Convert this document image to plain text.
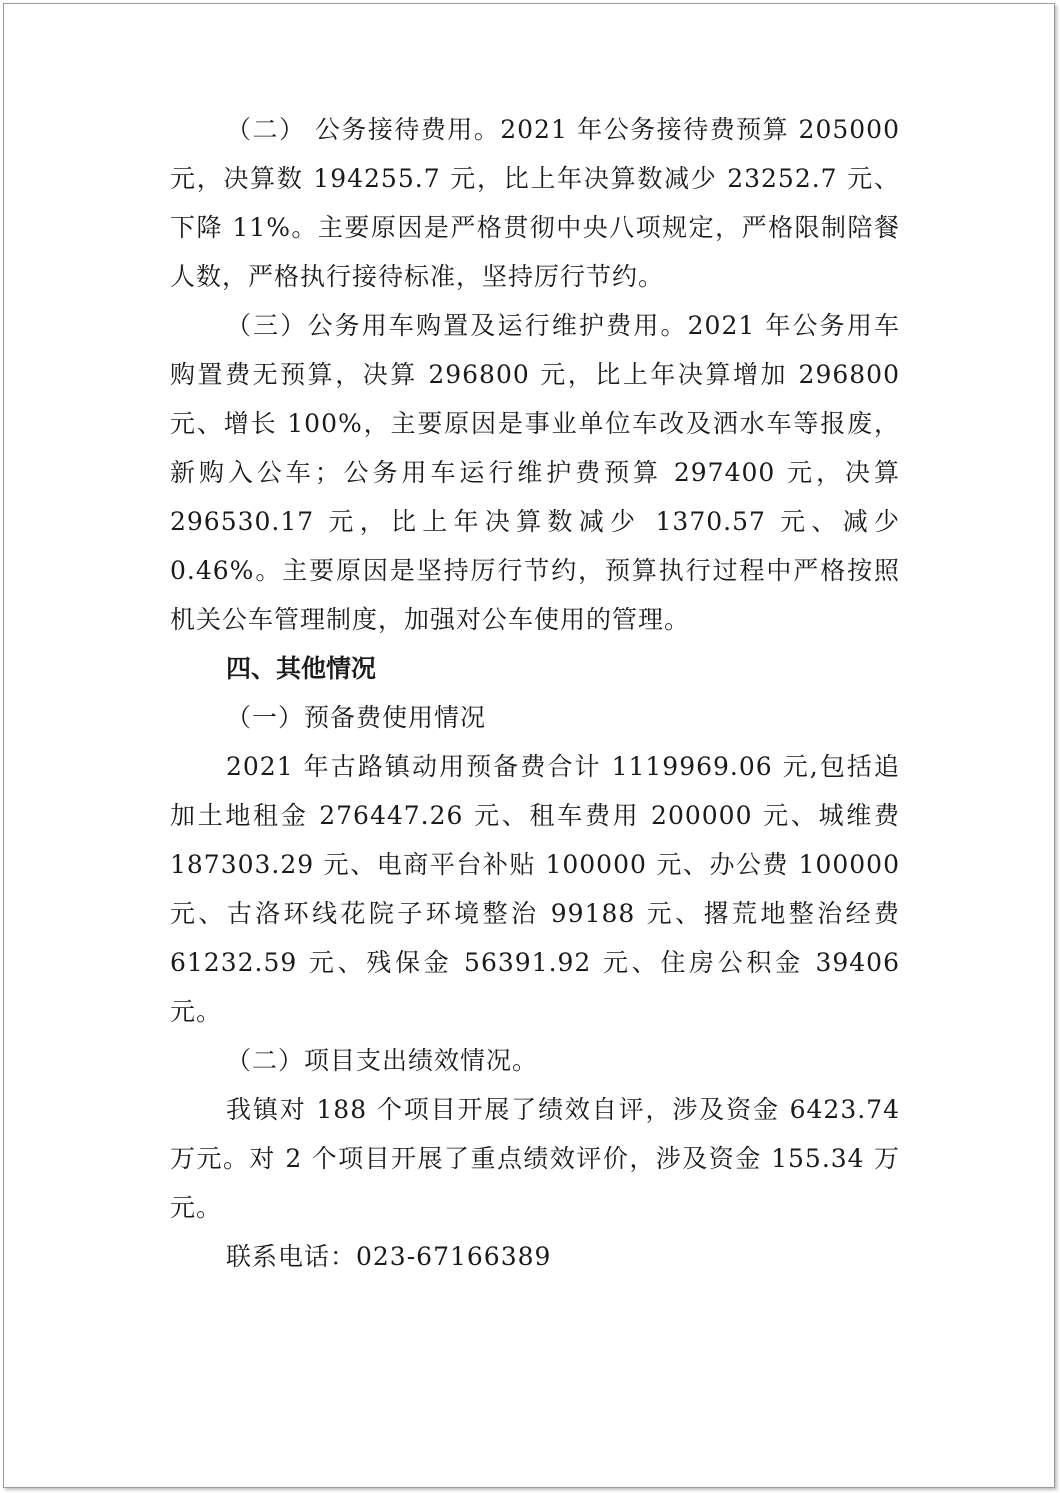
（二） 公务接待费用。2021 年公务接待费预算 205000 元，决算数 194255.7 元，比上年决算数减少 23252.7 元、下降 11%。主要原因是严格贯彻中央八项规定，严格限制陪餐人数，严格执行接待标准，坚持厉行节约。

（三）公务用车购置及运行维护费用。2021 年公务用车购置费无预算，决算 296800 元，比上年决算增加 296800 元、增长 100%，主要原因是事业单位车改及洒水车等报废，新购入公车；公务用车运行维护费预算 297400 元，决算 296530.17 元，比上年决算数减少 1370.57 元、减少 0.46%。主要原因是坚持厉行节约，预算执行过程中严格按照机关公车管理制度，加强对公车使用的管理。

四、其他情况

（一）预备费使用情况

2021 年古路镇动用预备费合计 1119969.06 元,包括追加土地租金 276447.26 元、租车费用 200000 元、城维费 187303.29 元、电商平台补贴 100000 元、办公费 100000 元、古洛环线花院子环境整治 99188 元、撂荒地整治经费 61232.59 元、残保金 56391.92 元、住房公积金 39406 元。

（二）项目支出绩效情况。

我镇对 188 个项目开展了绩效自评，涉及资金 6423.74 万元。对 2 个项目开展了重点绩效评价，涉及资金 155.34 万元。

联系电话：023-67166389
